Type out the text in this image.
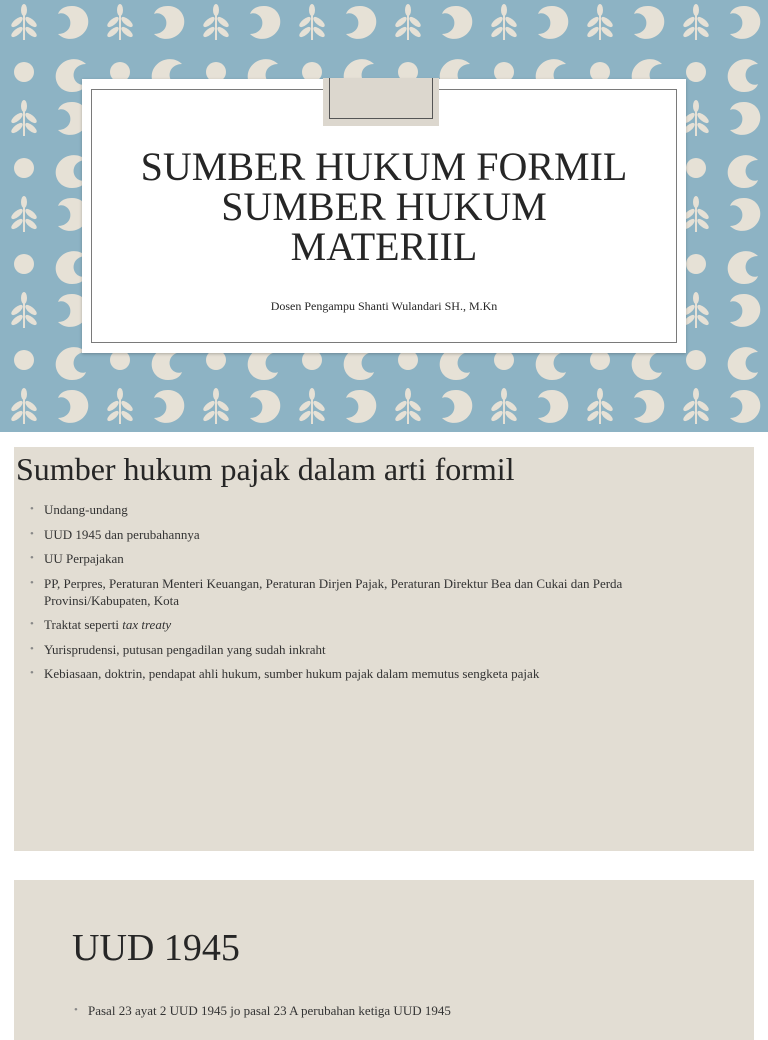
SUMBER HUKUM FORMIL
SUMBER HUKUM
MATERIIL
Dosen Pengampu Shanti Wulandari SH., M.Kn
Sumber hukum pajak dalam arti formil
• Undang-undang
• UUD 1945 dan perubahannya
• UU Perpajakan
• PP, Perpres, Peraturan Menteri Keuangan, Peraturan Dirjen Pajak, Peraturan Direktur Bea dan Cukai dan Perda Provinsi/Kabupaten, Kota
• Traktat seperti tax treaty
• Yurisprudensi, putusan pengadilan yang sudah inkraht
• Kebiasaan, doktrin, pendapat ahli hukum, sumber hukum pajak dalam memutus sengketa pajak
UUD 1945
• Pasal 23 ayat 2 UUD 1945 jo pasal 23 A perubahan ketiga UUD 1945
